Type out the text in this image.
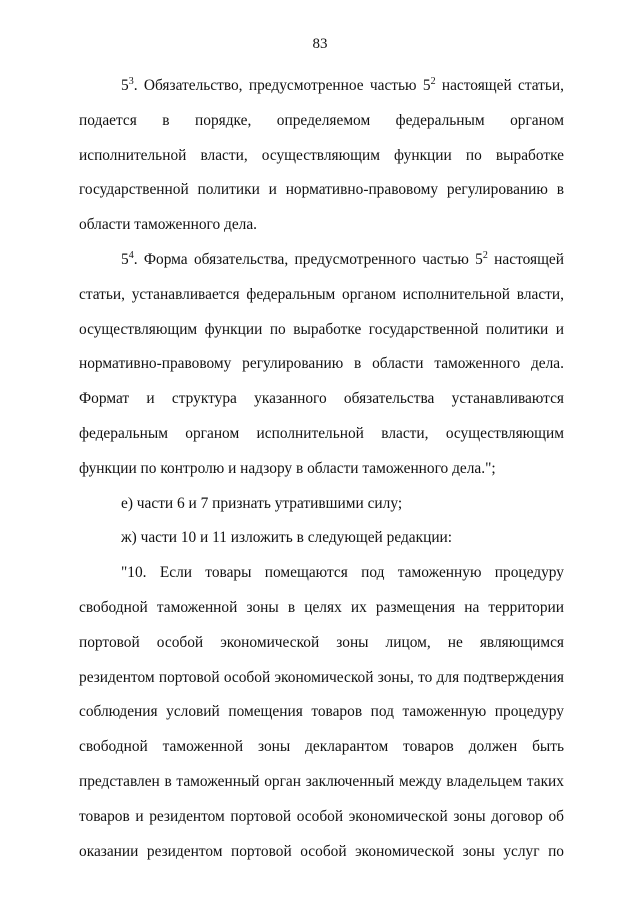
83

$5^3$. Обязательство, предусмотренное частью $5^2$ настоящей статьи, подается в порядке, определяемом федеральным органом исполнительной власти, осуществляющим функции по выработке государственной политики и нормативно-правовому регулированию в области таможенного дела.

$5^4$. Форма обязательства, предусмотренного частью $5^2$ настоящей статьи, устанавливается федеральным органом исполнительной власти, осуществляющим функции по выработке государственной политики и нормативно-правовому регулированию в области таможенного дела. Формат и структура указанного обязательства устанавливаются федеральным органом исполнительной власти, осуществляющим функции по контролю и надзору в области таможенного дела.";

е) части 6 и 7 признать утратившими силу;

ж) части 10 и 11 изложить в следующей редакции:

"10. Если товары помещаются под таможенную процедуру свободной таможенной зоны в целях их размещения на территории портовой особой экономической зоны лицом, не являющимся резидентом портовой особой экономической зоны, то для подтверждения соблюдения условий помещения товаров под таможенную процедуру свободной таможенной зоны декларантом товаров должен быть представлен в таможенный орган заключенный между владельцем таких товаров и резидентом портовой особой экономической зоны договор об оказании резидентом портовой особой экономической зоны услуг по
